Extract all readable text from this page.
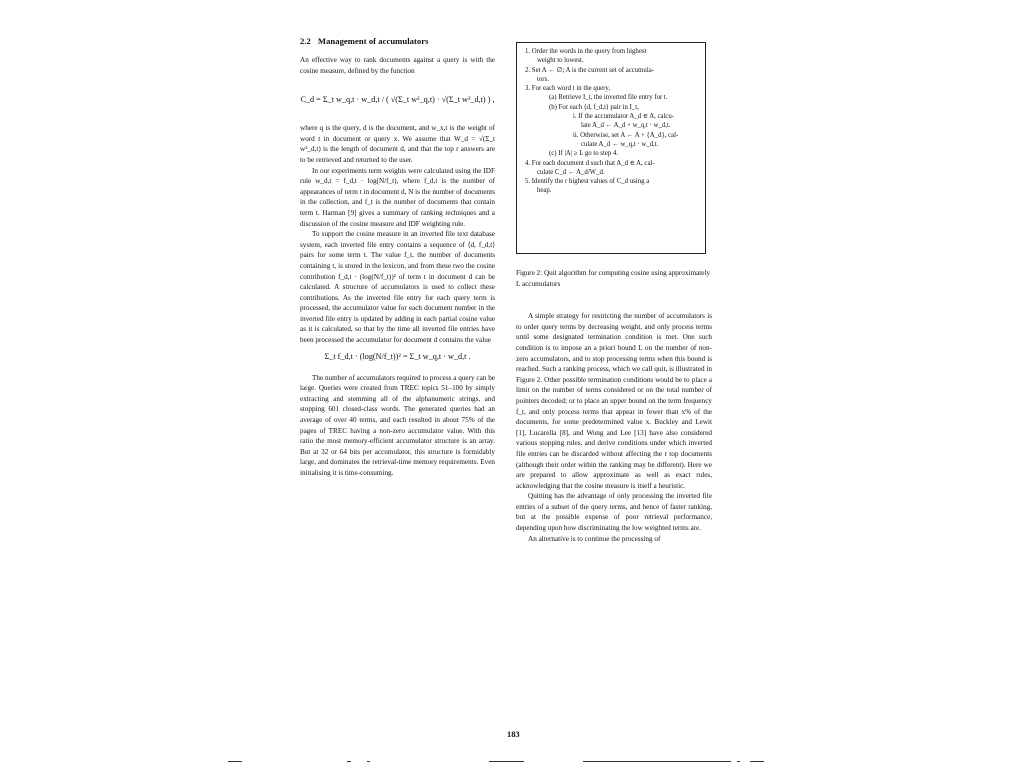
2.2 Management of accumulators

An effective way to rank documents against a query is with the cosine measure, defined by the function

C_d = Σ_t w_q,t · w_d,t / ( √(Σ_t w²_q,t) · √(Σ_t w²_d,t) ) ,

where q is the query, d is the document, and w_x,t is the weight of word t in document or query x. We assume that W_d = √(Σ_t w²_d,t) is the length of document d, and that the top r answers are to be retrieved and returned to the user.

In our experiments term weights were calculated using the IDF rule w_d,t = f_d,t · log(N/f_t), where f_d,t is the number of appearances of term t in document d, N is the number of documents in the collection, and f_t is the number of documents that contain term t. Harman [9] gives a summary of ranking techniques and a discussion of the cosine measure and IDF weighting rule.

To support the cosine measure in an inverted file text database system, each inverted file entry contains a sequence of ⟨d, f_d,t⟩ pairs for some term t. The value f_t, the number of documents containing t, is stored in the lexicon, and from these two the cosine contribution f_d,t · (log(N/f_t))² of term t in document d can be calculated. A structure of accumulators is used to collect these contributions. As the inverted file entry for each query term is processed, the accumulator value for each document number in the inverted file entry is updated by adding in each partial cosine value as it is calculated, so that by the time all inverted file entries have been processed the accumulator for document d contains the value

Σ_t f_d,t · (log(N/f_t))² = Σ_t w_q,t · w_d,t .

The number of accumulators required to process a query can be large. Queries were created from TREC topics 51–100 by simply extracting and stemming all of the alphanumeric strings, and stopping 601 closed-class words. The generated queries had an average of over 40 terms, and each resulted in about 75% of the pages of TREC having a non-zero accumulator value. With this ratio the most memory-efficient accumulator structure is an array. But at 32 or 64 bits per accumulator, this structure is formidably large, and dominates the retrieval-time memory requirements. Even initialising it is time-consuming.

1. Order the words in the query from highest
weight to lowest.
2. Set A ← ∅; A is the current set of accumula-
tors.
3. For each word t in the query,
(a) Retrieve I_t, the inverted file entry for t.
(b) For each ⟨d, f_d,t⟩ pair in I_t,
i. If the accumulator A_d ∈ A, calcu-
late A_d ← A_d + w_q,t · w_d,t.
ii. Otherwise, set A ← A + {A_d}, cal-
culate A_d ← w_q,t · w_d,t.
(c) If |A| ≥ L go to step 4.
4. For each document d such that A_d ∈ A, cal-
culate C_d ← A_d/W_d.
5. Identify the r highest values of C_d using a
heap.
Figure 2: Quit algorithm for computing cosine using approximately L accumulators

A simple strategy for restricting the number of accumulators is to order query terms by decreasing weight, and only process terms until some designated termination condition is met. One such condition is to impose an a priori bound L on the number of non-zero accumulators, and to stop processing terms when this bound is reached. Such a ranking process, which we call quit, is illustrated in Figure 2. Other possible termination conditions would be to place a limit on the number of terms considered or on the total number of pointers decoded; or to place an upper bound on the term frequency f_t, and only process terms that appear in fewer than x% of the documents, for some predetermined value x. Buckley and Lewit [1], Lucarella [8], and Wong and Lee [13] have also considered various stopping rules, and derive conditions under which inverted file entries can be discarded without affecting the r top documents (although their order within the ranking may be different). Here we are prepared to allow approximate as well as exact rules, acknowledging that the cosine measure is itself a heuristic.

Quitting has the advantage of only processing the inverted file entries of a subset of the query terms, and hence of faster ranking, but at the possible expense of poor retrieval performance, depending upon how discriminating the low weighted terms are.

An alternative is to continue the processing of

183
